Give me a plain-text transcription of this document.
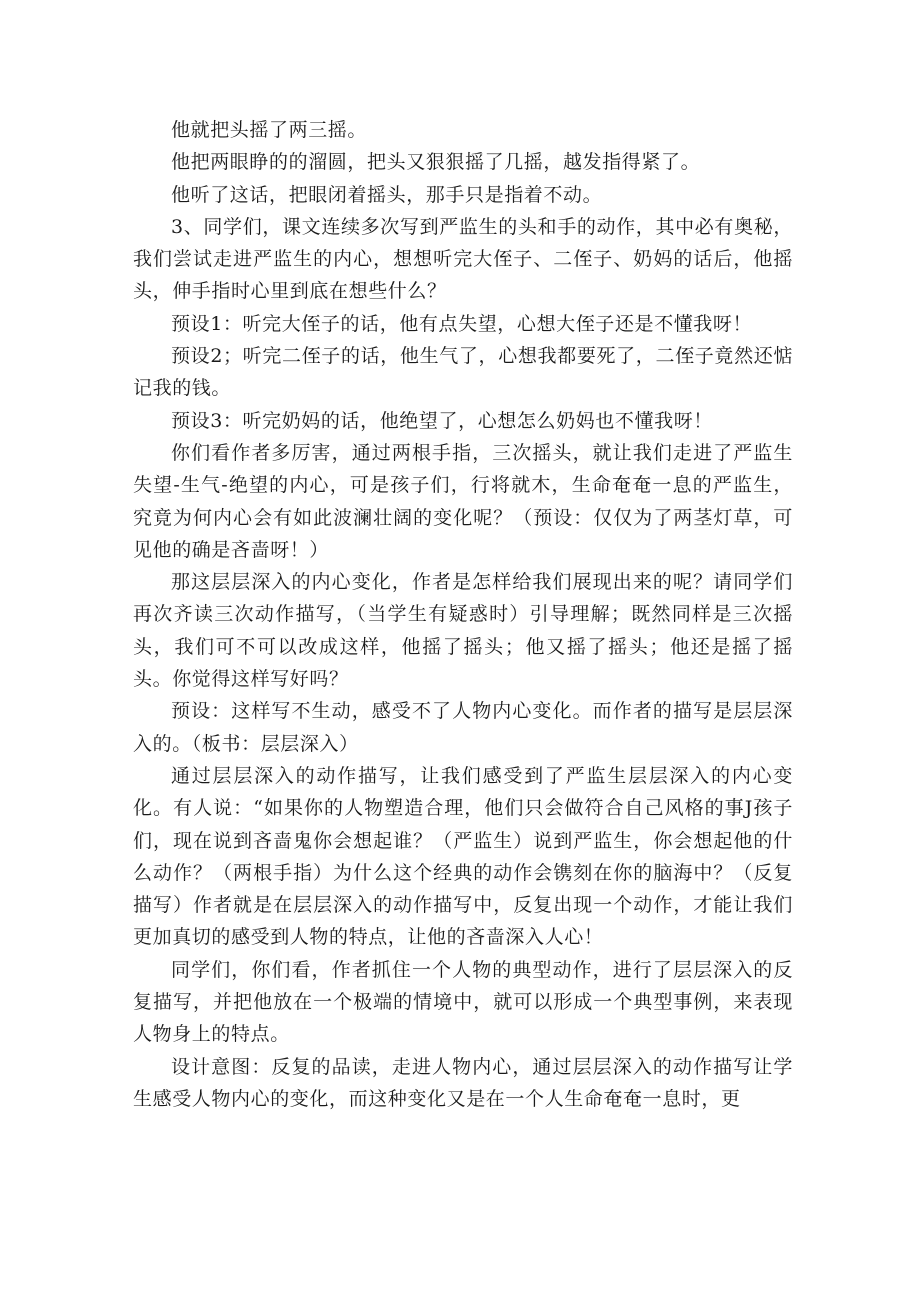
他就把头摇了两三摇。

他把两眼睁的的溜圆，把头又狠狠摇了几摇，越发指得紧了。

他听了这话，把眼闭着摇头，那手只是指着不动。

3、同学们，课文连续多次写到严监生的头和手的动作，其中必有奥秘，我们尝试走进严监生的内心，想想听完大侄子、二侄子、奶妈的话后，他摇头，伸手指时心里到底在想些什么？

预设1：听完大侄子的话，他有点失望，心想大侄子还是不懂我呀！

预设2；听完二侄子的话，他生气了，心想我都要死了，二侄子竟然还惦记我的钱。

预设3：听完奶妈的话，他绝望了，心想怎么奶妈也不懂我呀！

你们看作者多厉害，通过两根手指，三次摇头，就让我们走进了严监生失望-生气-绝望的内心，可是孩子们，行将就木，生命奄奄一息的严监生，究竟为何内心会有如此波澜壮阔的变化呢？（预设：仅仅为了两茎灯草，可见他的确是吝啬呀！）

那这层层深入的内心变化，作者是怎样给我们展现出来的呢？请同学们再次齐读三次动作描写，（当学生有疑惑时）引导理解；既然同样是三次摇头，我们可不可以改成这样，他摇了摇头；他又摇了摇头；他还是摇了摇头。你觉得这样写好吗？

预设：这样写不生动，感受不了人物内心变化。而作者的描写是层层深入的。（板书：层层深入）

通过层层深入的动作描写，让我们感受到了严监生层层深入的内心变化。有人说：“如果你的人物塑造合理，他们只会做符合自己风格的事J孩子们，现在说到吝啬鬼你会想起谁？（严监生）说到严监生，你会想起他的什么动作？（两根手指）为什么这个经典的动作会镌刻在你的脑海中？（反复描写）作者就是在层层深入的动作描写中，反复出现一个动作，才能让我们更加真切的感受到人物的特点，让他的吝啬深入人心！

同学们，你们看，作者抓住一个人物的典型动作，进行了层层深入的反复描写，并把他放在一个极端的情境中，就可以形成一个典型事例，来表现人物身上的特点。

设计意图：反复的品读，走进人物内心，通过层层深入的动作描写让学生感受人物内心的变化，而这种变化又是在一个人生命奄奄一息时，更
